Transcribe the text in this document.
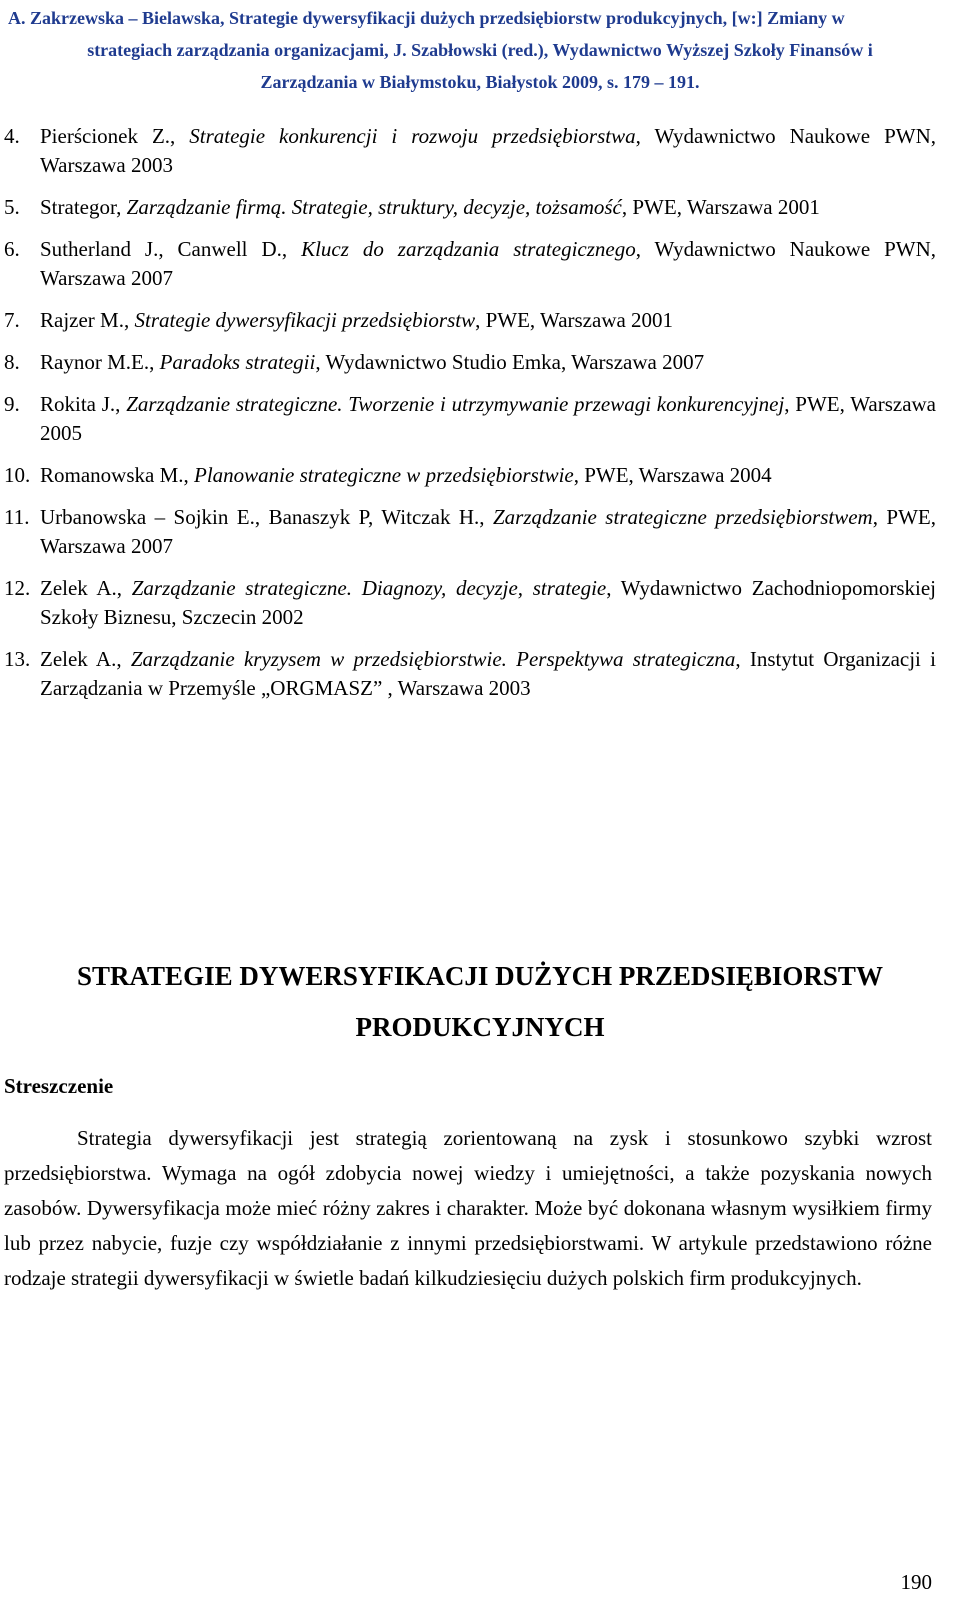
A. Zakrzewska – Bielawska, Strategie dywersyfikacji dużych przedsiębiorstw produkcyjnych, [w:] Zmiany w
strategiach zarządzania organizacjami, J. Szabłowski (red.), Wydawnictwo Wyższej Szkoły Finansów i
Zarządzania w Białymstoku, Białystok 2009, s. 179 – 191.
4. Pierścionek Z., Strategie konkurencji i rozwoju przedsiębiorstwa, Wydawnictwo Naukowe PWN, Warszawa 2003
5. Strategor, Zarządzanie firmą. Strategie, struktury, decyzje, tożsamość, PWE, Warszawa 2001
6. Sutherland J., Canwell D., Klucz do zarządzania strategicznego, Wydawnictwo Naukowe PWN, Warszawa 2007
7. Rajzer M., Strategie dywersyfikacji przedsiębiorstw, PWE, Warszawa 2001
8. Raynor M.E., Paradoks strategii, Wydawnictwo Studio Emka, Warszawa 2007
9. Rokita J., Zarządzanie strategiczne. Tworzenie i utrzymywanie przewagi konkurencyjnej, PWE, Warszawa 2005
10. Romanowska M., Planowanie strategiczne w przedsiębiorstwie, PWE, Warszawa 2004
11. Urbanowska – Sojkin E., Banaszyk P, Witczak H., Zarządzanie strategiczne przedsiębiorstwem, PWE, Warszawa 2007
12. Zelek A., Zarządzanie strategiczne. Diagnozy, decyzje, strategie, Wydawnictwo Zachodniopomorskiej Szkoły Biznesu, Szczecin 2002
13. Zelek A., Zarządzanie kryzysem w przedsiębiorstwie. Perspektywa strategiczna, Instytut Organizacji i Zarządzania w Przemyśle „ORGMASZ” , Warszawa 2003
STRATEGIE DYWERSYFIKACJI DUŻYCH PRZEDSIĘBIORSTW
PRODUKCYJNYCH
Streszczenie
Strategia dywersyfikacji jest strategią zorientowaną na zysk i stosunkowo szybki wzrost przedsiębiorstwa. Wymaga na ogół zdobycia nowej wiedzy i umiejętności, a także pozyskania nowych zasobów. Dywersyfikacja może mieć różny zakres i charakter. Może być dokonana własnym wysiłkiem firmy lub przez nabycie, fuzje czy współdziałanie z innymi przedsiębiorstwami. W artykule przedstawiono różne rodzaje strategii dywersyfikacji w świetle badań kilkudziesięciu dużych polskich firm produkcyjnych.
190
